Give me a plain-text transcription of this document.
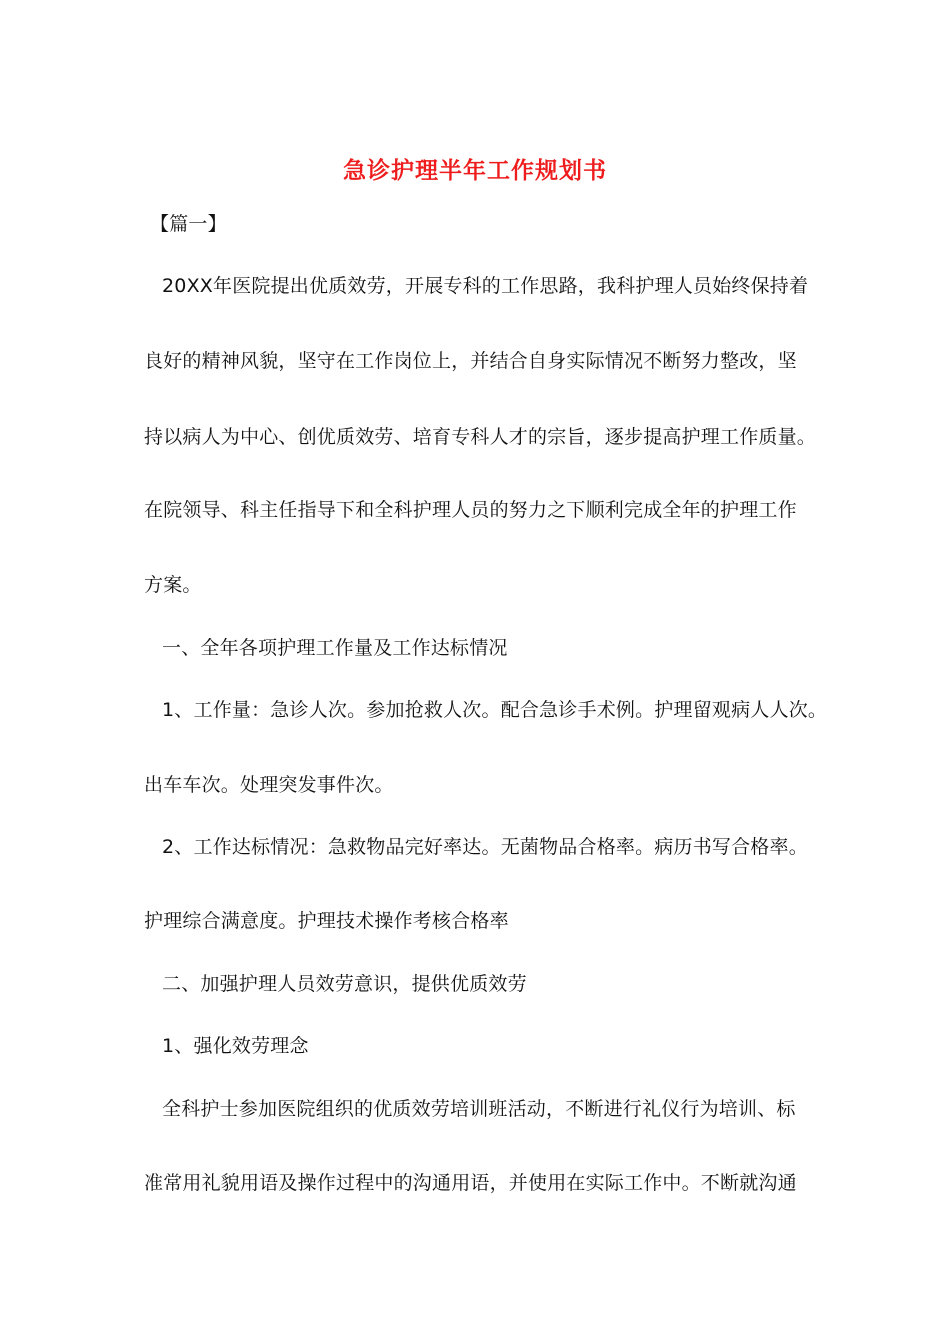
急诊护理半年工作规划书
【篇一】
20XX年医院提出优质效劳，开展专科的工作思路，我科护理人员始终保持着
良好的精神风貌，坚守在工作岗位上，并结合自身实际情况不断努力整改，坚
持以病人为中心、创优质效劳、培育专科人才的宗旨，逐步提高护理工作质量。
在院领导、科主任指导下和全科护理人员的努力之下顺利完成全年的护理工作
方案。
一、全年各项护理工作量及工作达标情况
1、工作量：急诊人次。参加抢救人次。配合急诊手术例。护理留观病人人次。
出车车次。处理突发事件次。
2、工作达标情况：急救物品完好率达。无菌物品合格率。病历书写合格率。
护理综合满意度。护理技术操作考核合格率
二、加强护理人员效劳意识，提供优质效劳
1、强化效劳理念
全科护士参加医院组织的优质效劳培训班活动，不断进行礼仪行为培训、标
准常用礼貌用语及操作过程中的沟通用语，并使用在实际工作中。不断就沟通
